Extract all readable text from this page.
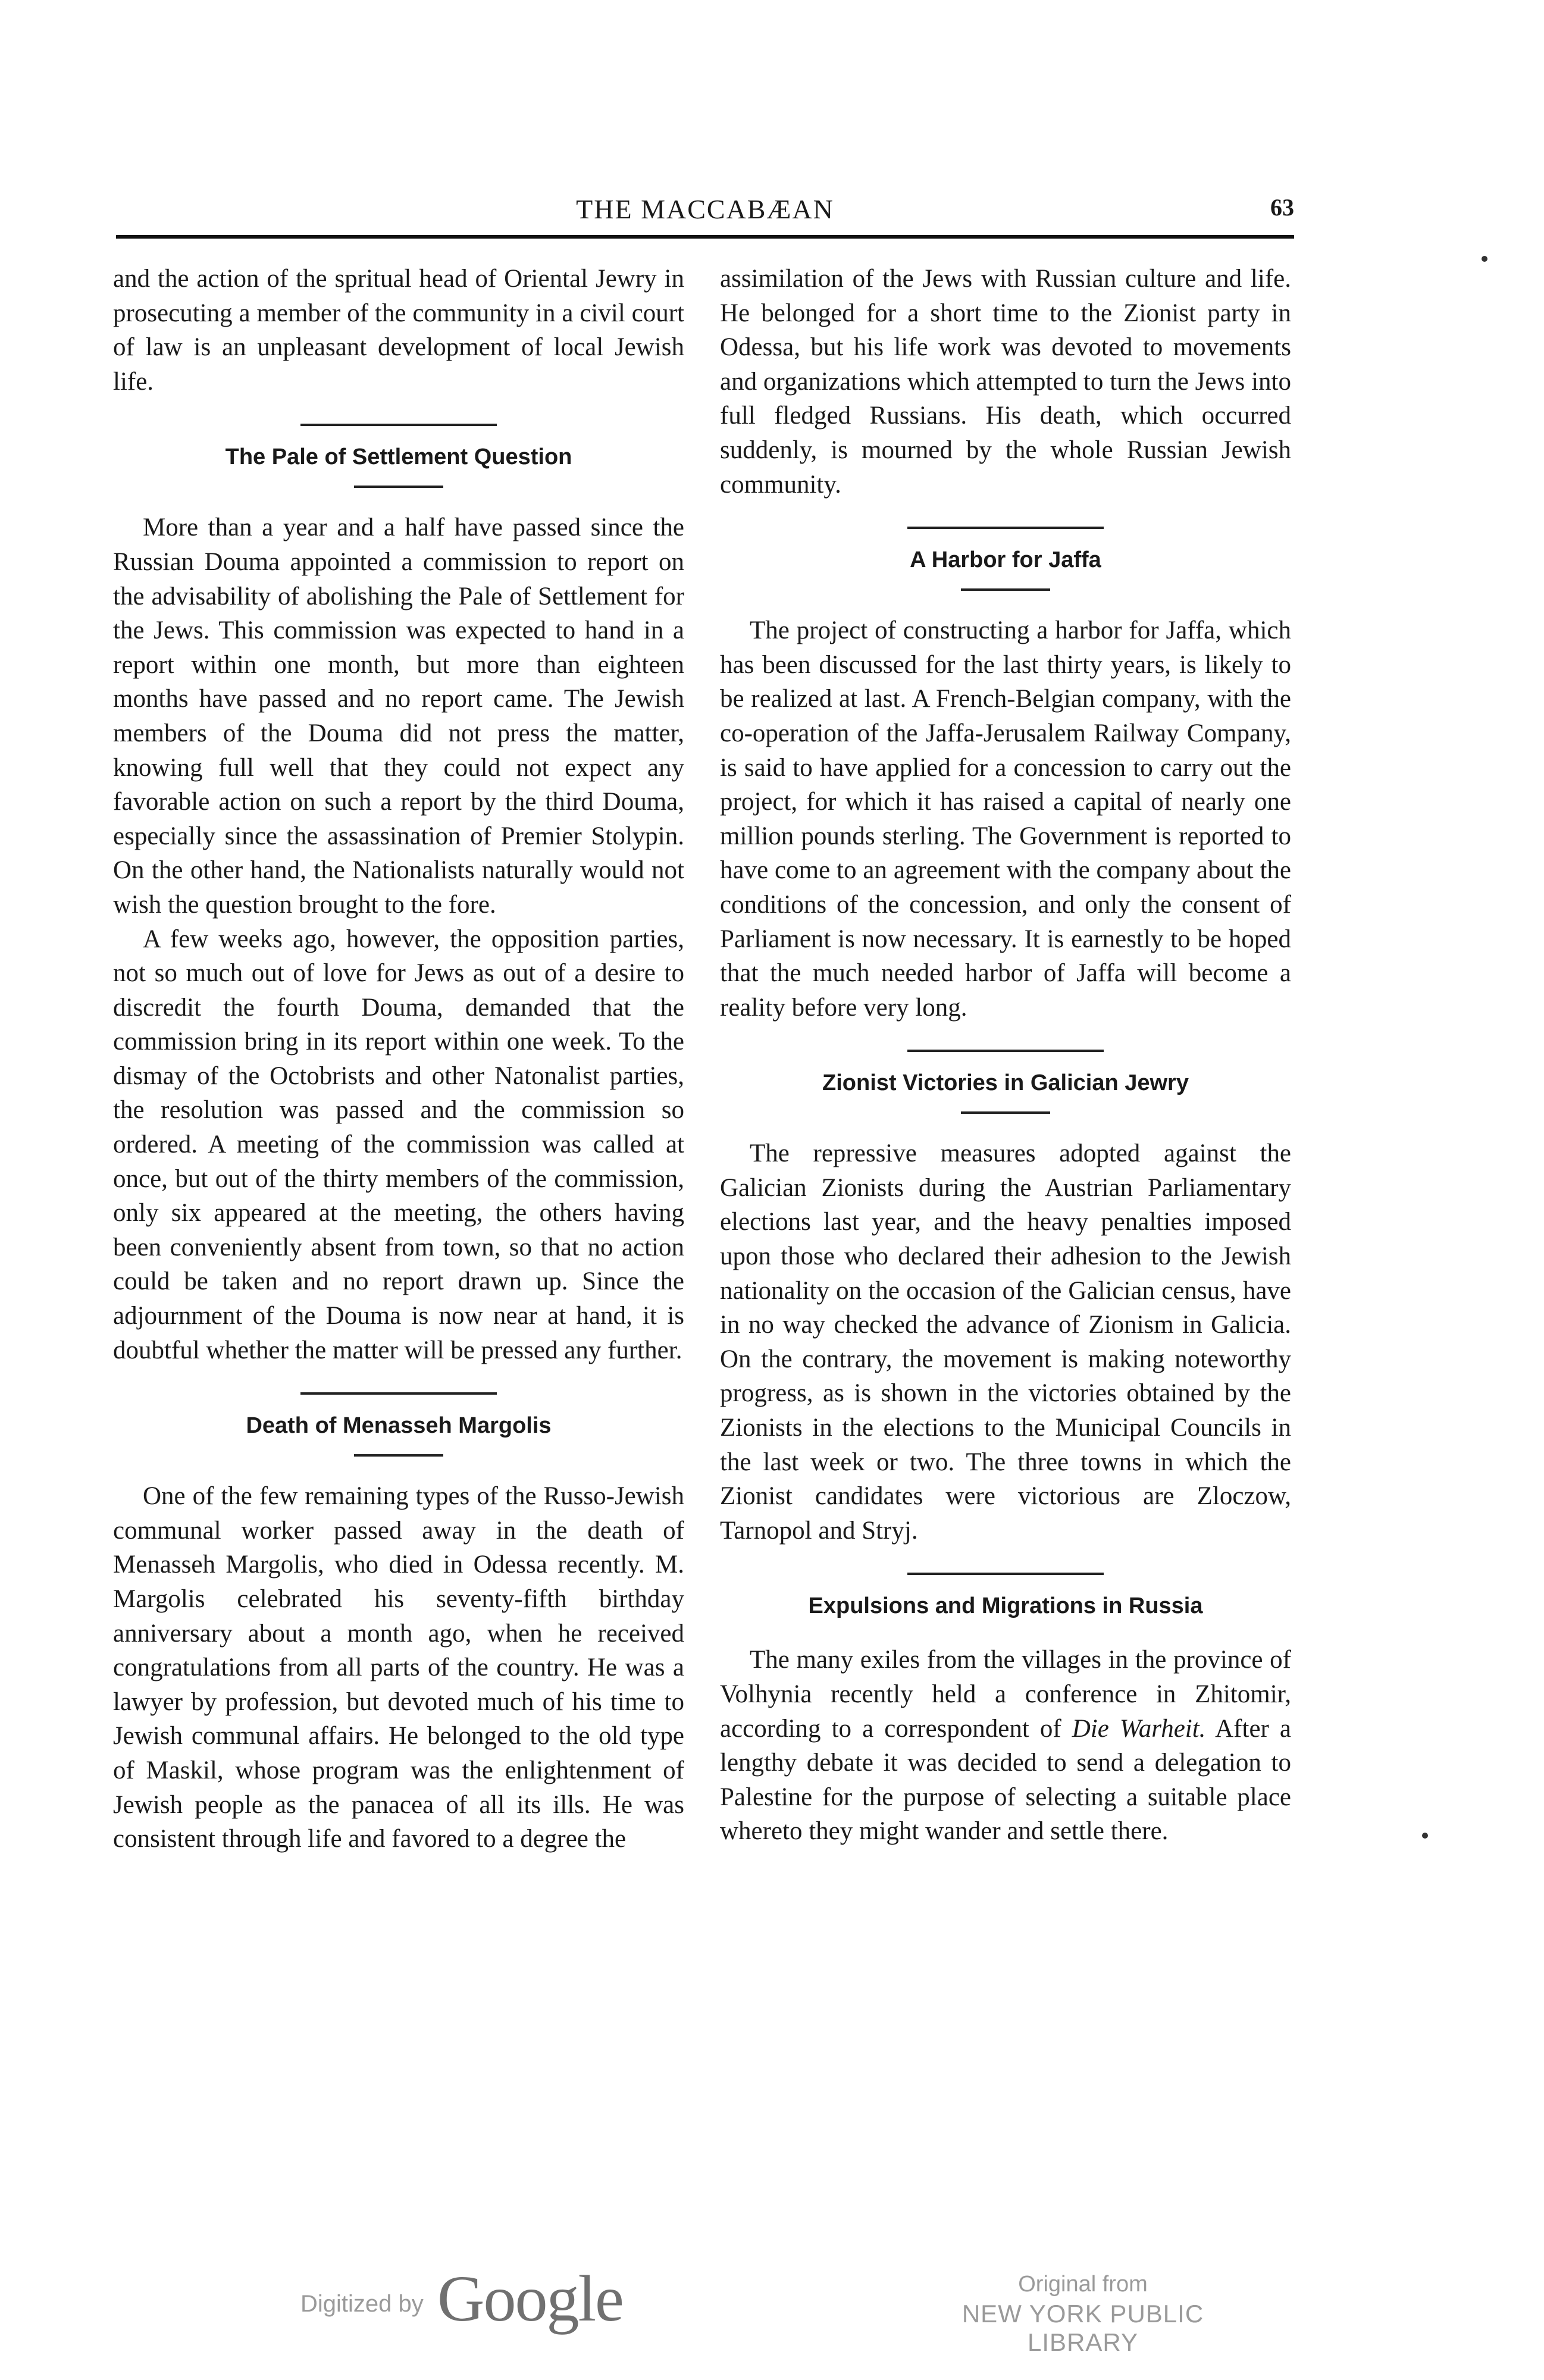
THE MACCABÆAN	63

and the action of the spritual head of Oriental Jewry in prosecuting a member of the community in a civil court of law is an unpleasant development of local Jewish life.

The Pale of Settlement Question

More than a year and a half have passed since the Russian Douma appointed a commission to report on the advisability of abolishing the Pale of Settlement for the Jews. This commission was expected to hand in a report within one month, but more than eighteen months have passed and no report came. The Jewish members of the Douma did not press the matter, knowing full well that they could not expect any favorable action on such a report by the third Douma, especially since the assassination of Premier Stolypin. On the other hand, the Nationalists naturally would not wish the question brought to the fore.

A few weeks ago, however, the opposition parties, not so much out of love for Jews as out of a desire to discredit the fourth Douma, demanded that the commission bring in its report within one week. To the dismay of the Octobrists and other Natonalist parties, the resolution was passed and the commission so ordered. A meeting of the commission was called at once, but out of the thirty members of the commission, only six appeared at the meeting, the others having been conveniently absent from town, so that no action could be taken and no report drawn up. Since the adjournment of the Douma is now near at hand, it is doubtful whether the matter will be pressed any further.

Death of Menasseh Margolis

One of the few remaining types of the Russo-Jewish communal worker passed away in the death of Menasseh Margolis, who died in Odessa recently. M. Margolis celebrated his seventy-fifth birthday anniversary about a month ago, when he received congratulations from all parts of the country. He was a lawyer by profession, but devoted much of his time to Jewish communal affairs. He belonged to the old type of Maskil, whose program was the enlightenment of Jewish people as the panacea of all its ills. He was consistent through life and favored to a degree the

assimilation of the Jews with Russian culture and life. He belonged for a short time to the Zionist party in Odessa, but his life work was devoted to movements and organizations which attempted to turn the Jews into full fledged Russians. His death, which occurred suddenly, is mourned by the whole Russian Jewish community.

A Harbor for Jaffa

The project of constructing a harbor for Jaffa, which has been discussed for the last thirty years, is likely to be realized at last. A French-Belgian company, with the co-operation of the Jaffa-Jerusalem Railway Company, is said to have applied for a concession to carry out the project, for which it has raised a capital of nearly one million pounds sterling. The Government is reported to have come to an agreement with the company about the conditions of the concession, and only the consent of Parliament is now necessary. It is earnestly to be hoped that the much needed harbor of Jaffa will become a reality before very long.

Zionist Victories in Galician Jewry

The repressive measures adopted against the Galician Zionists during the Austrian Parliamentary elections last year, and the heavy penalties imposed upon those who declared their adhesion to the Jewish nationality on the occasion of the Galician census, have in no way checked the advance of Zionism in Galicia. On the contrary, the movement is making noteworthy progress, as is shown in the victories obtained by the Zionists in the elections to the Municipal Councils in the last week or two. The three towns in which the Zionist candidates were victorious are Zloczow, Tarnopol and Stryj.

Expulsions and Migrations in Russia

The many exiles from the villages in the province of Volhynia recently held a conference in Zhitomir, according to a correspondent of Die Warheit. After a lengthy debate it was decided to send a delegation to Palestine for the purpose of selecting a suitable place whereto they might wander and settle there.

Digitized by Google	Original from
NEW YORK PUBLIC LIBRARY
